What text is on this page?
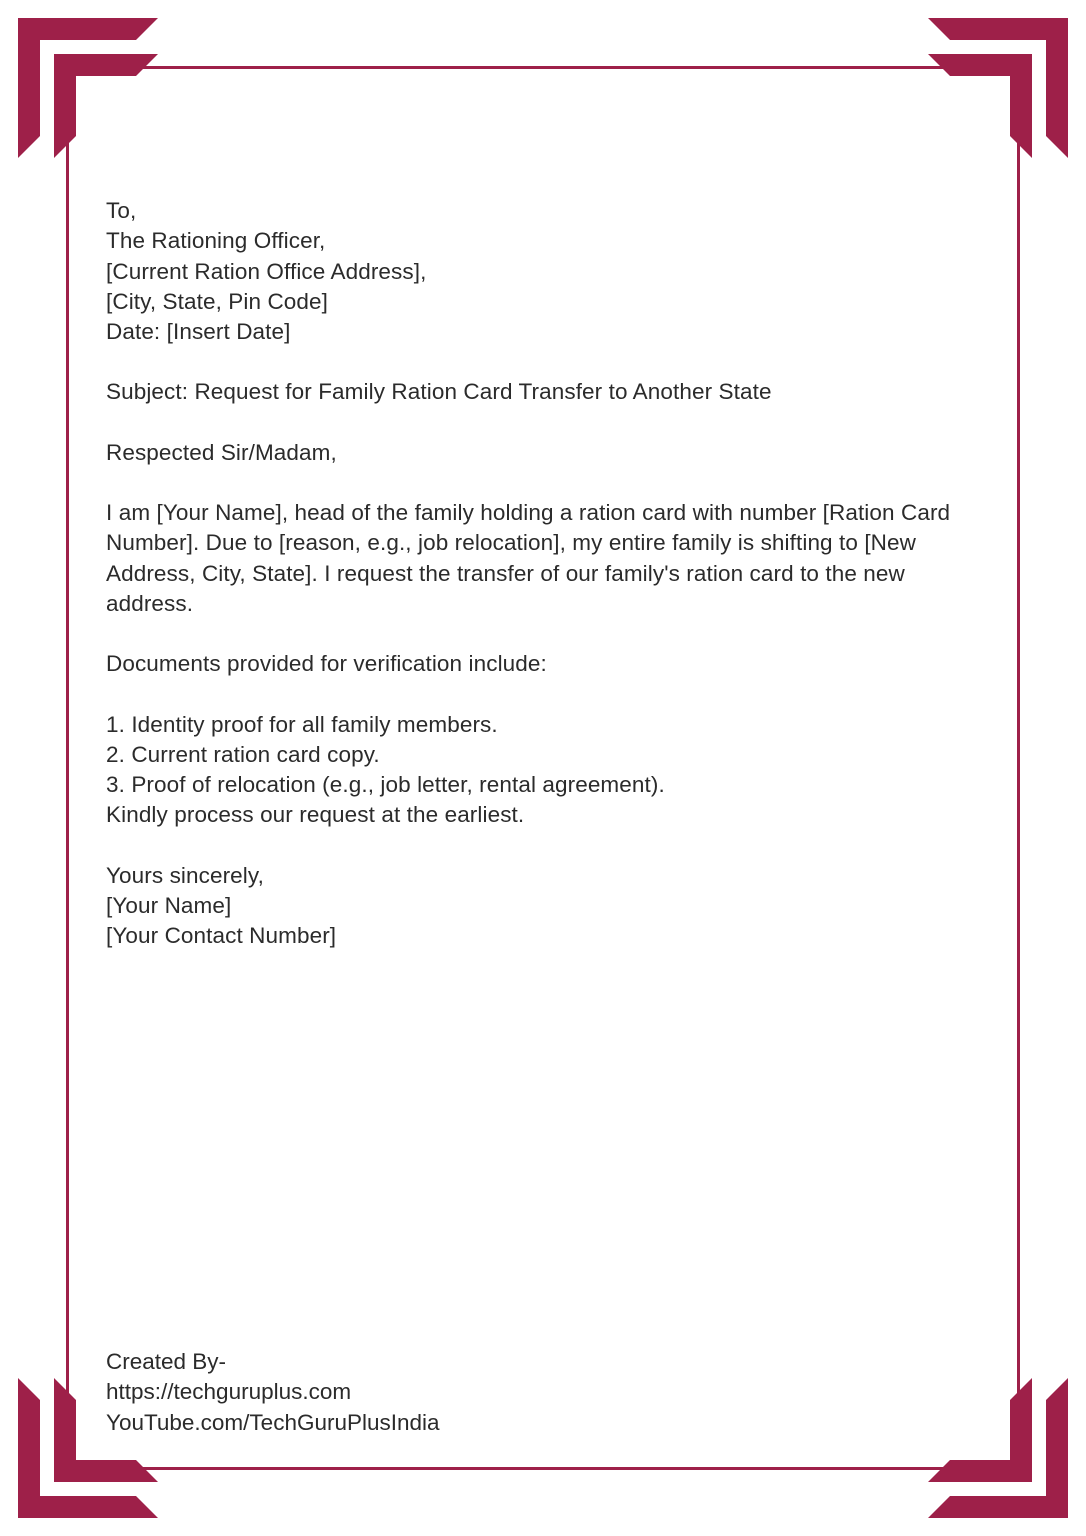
To,
The Rationing Officer,
[Current Ration Office Address],
[City, State, Pin Code]
Date: [Insert Date]
Subject: Request for Family Ration Card Transfer to Another State
Respected Sir/Madam,
I am [Your Name], head of the family holding a ration card with number [Ration Card Number]. Due to [reason, e.g., job relocation], my entire family is shifting to [New Address, City, State]. I request the transfer of our family's ration card to the new address.
Documents provided for verification include:
1. Identity proof for all family members.
2. Current ration card copy.
3. Proof of relocation (e.g., job letter, rental agreement).
Kindly process our request at the earliest.
Yours sincerely,
[Your Name]
[Your Contact Number]
Created By-
https://techguruplus.com
YouTube.com/TechGuruPlusIndia
